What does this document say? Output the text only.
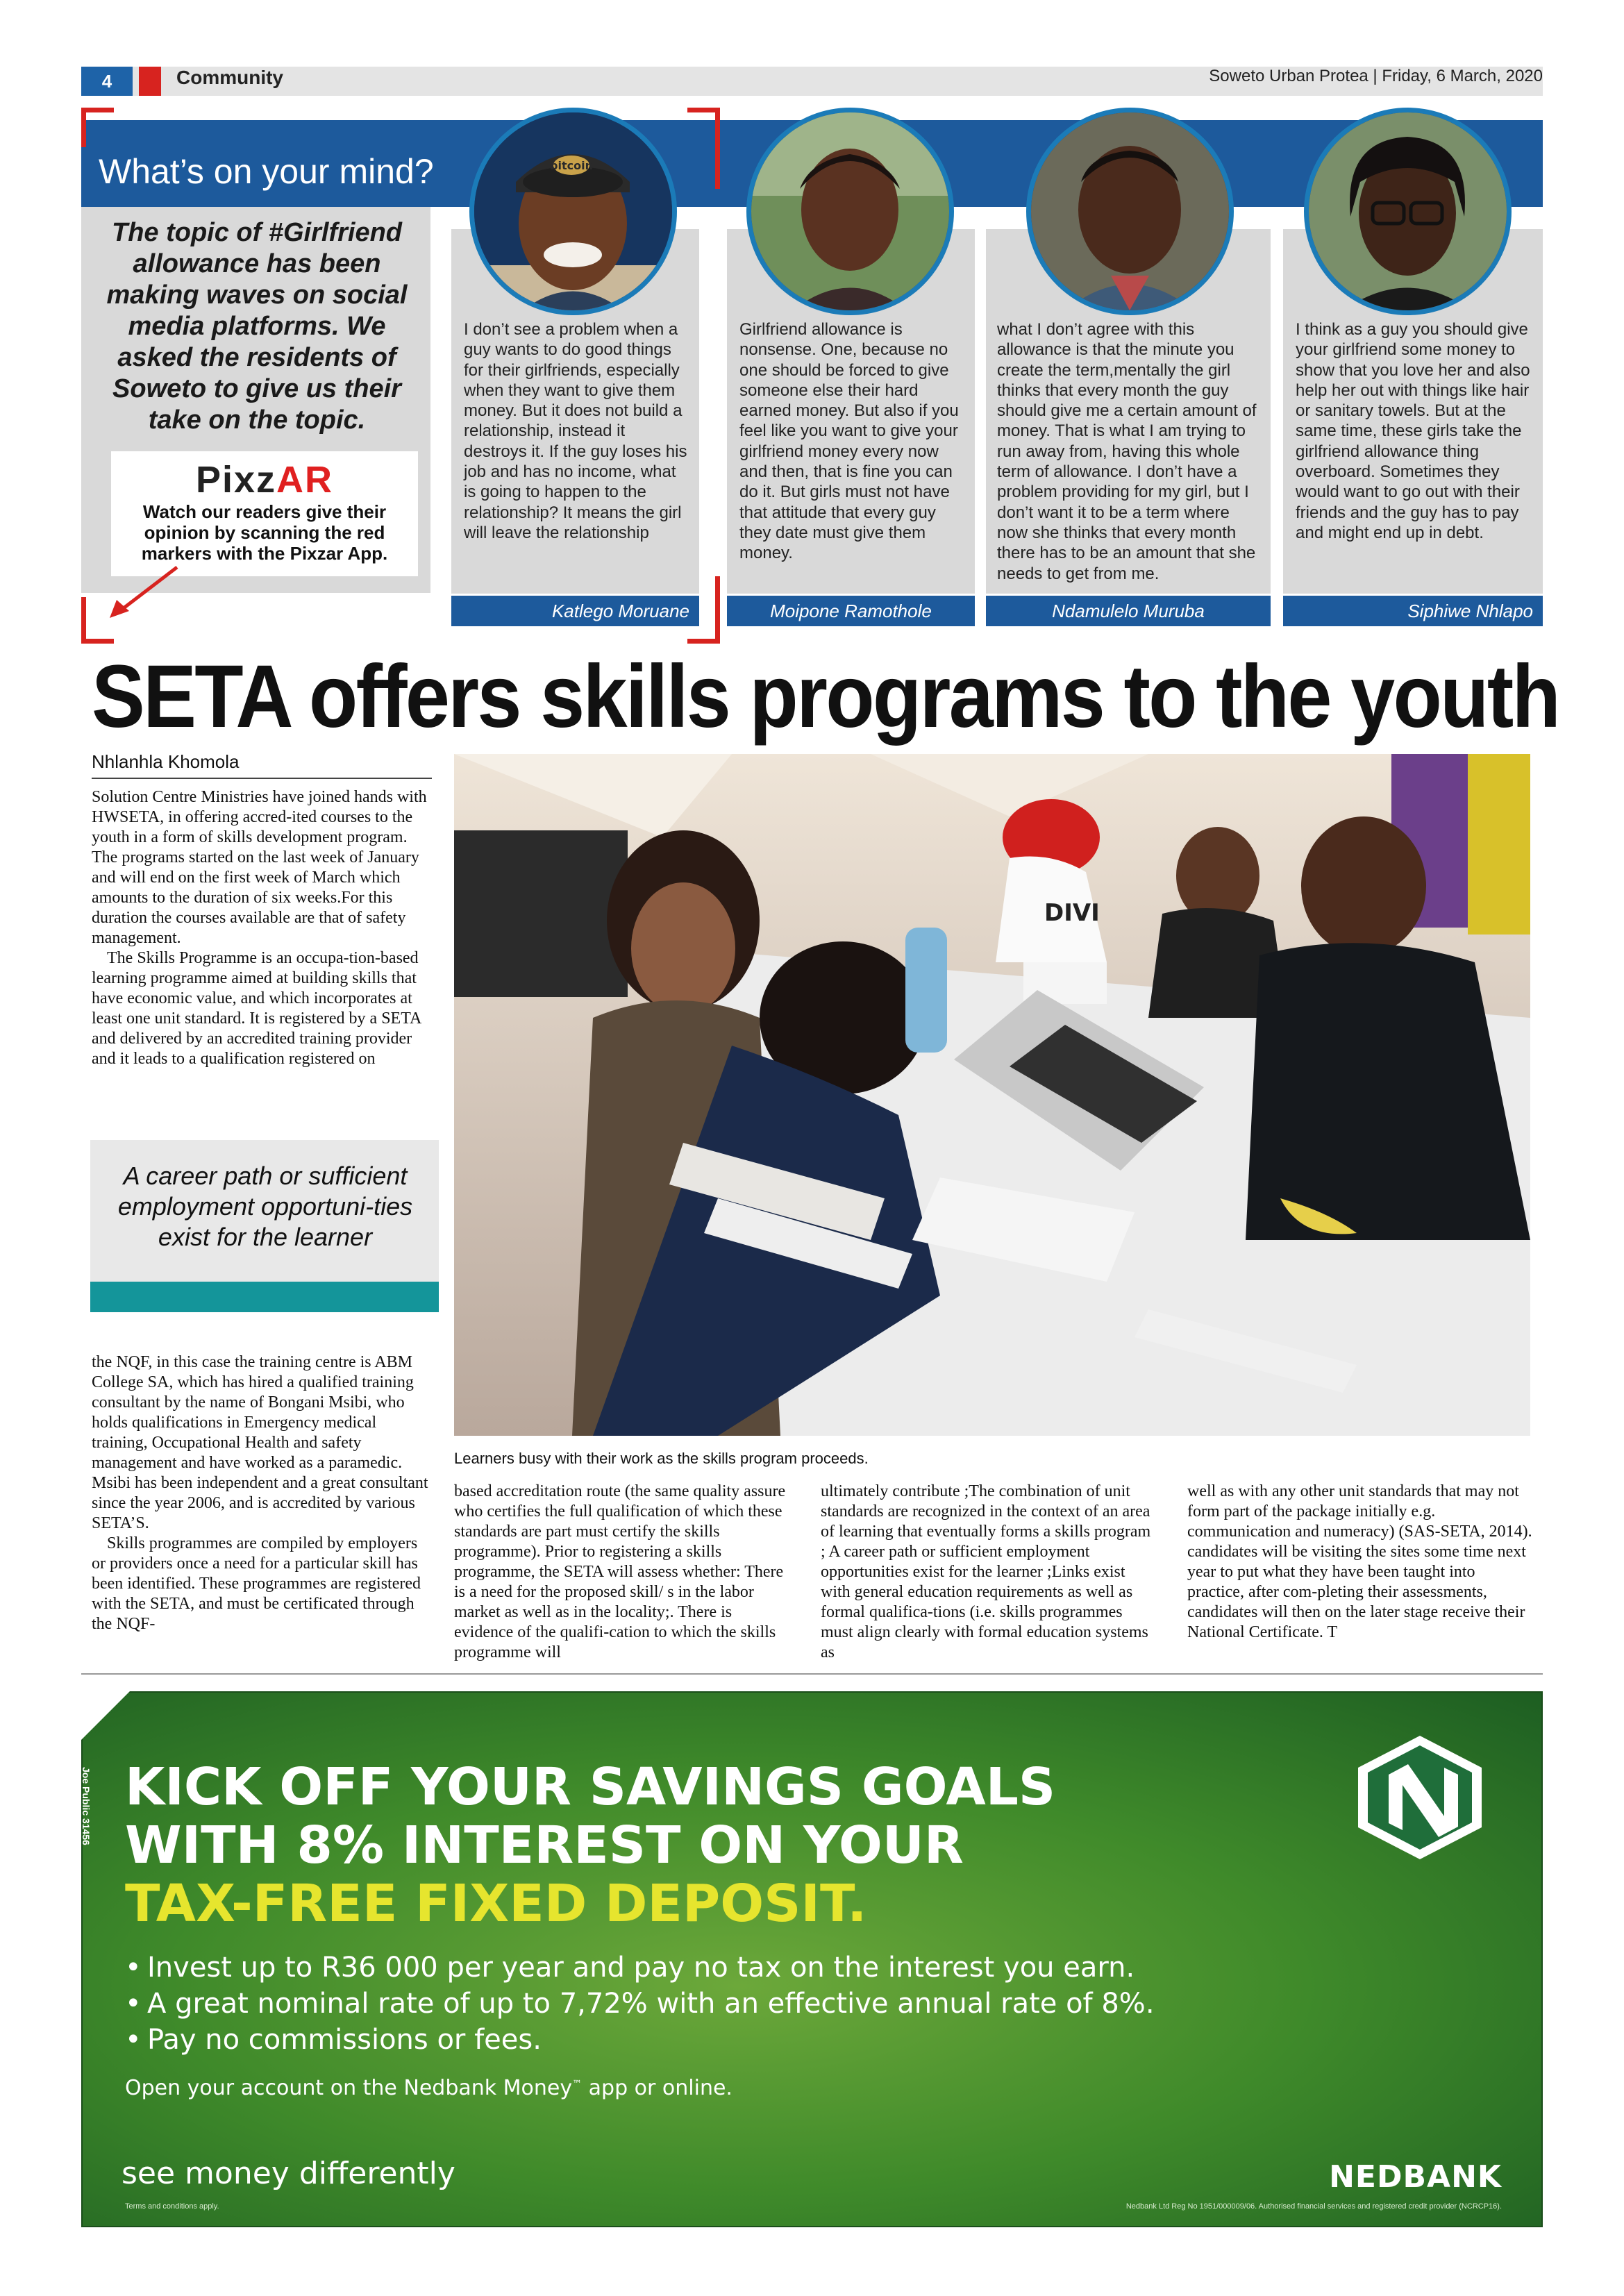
4	Community	Soweto Urban Protea | Friday, 6 March, 2020
What’s on your mind?
The topic of #Girlfriend allowance has been making waves on social media platforms. We asked the residents of Soweto to give us their take on the topic.
PixzAR
Watch our readers give their opinion by scanning the red markers with the Pixzar App.
bitcoin
I don’t see a problem when a guy wants to do good things for their girlfriends, especially when they want to give them money. But it does not build a relationship, instead it destroys it. If the guy loses his job and has no income, what is going to happen to the relationship? It means the girl will leave the relationship
Katlego Moruane
Girlfriend allowance is nonsense. One, because no one should be forced to give someone else their hard earned money. But also if you feel like you want to give your girlfriend money every now and then, that is fine you can do it. But girls must not have that attitude that every guy they date must give them money.
Moipone Ramothole
what I don’t agree with this allowance is that the minute you create the term,mentally the girl thinks that every month the guy should give me a certain amount of money. That is what I am trying to run away from, having this whole term of allowance. I don’t have a problem providing for my girl, but I don’t want it to be a term where now she thinks that every month there has to be an amount that she needs to get from me.
Ndamulelo Muruba
I think as a guy you should give your girlfriend some money to show that you love her and also help her out with things like hair or sanitary towels. But at the same time, these girls take the girlfriend allowance thing overboard. Sometimes they would want to go out with their friends and the guy has to pay and might end up in debt.
Siphiwe Nhlapo
SETA offers skills programs to the youth
Nhlanhla Khomola

Solution Centre Ministries have joined hands with HWSETA, in offering accred-ited courses to the youth in a form of skills development program. The programs started on the last week of January and will end on the first week of March which amounts to the duration of six weeks.For this duration the courses available are that of safety management.

The Skills Programme is an occupa-tion-based learning programme aimed at building skills that have economic value, and which incorporates at least one unit standard. It is registered by a SETA and delivered by an accredited training provider and it leads to a qualification registered on

A career path or sufficient employment opportuni-ties exist for the learner

the NQF, in this case the training centre is ABM College SA, which has hired a qualified training consultant by the name of Bongani Msibi, who holds qualifications in Emergency medical training, Occupational Health and safety management and have worked as a paramedic. Msibi has been independent and a great consultant since the year 2006, and is accredited by various SETA’S.

Skills programmes are compiled by employers or providers once a need for a particular skill has been identified. These programmes are registered with the SETA, and must be certificated through the NQF-

DIVI
Learners busy with their work as the skills program proceeds.
based accreditation route (the same quality assure who certifies the full qualification of which these standards are part must certify the skills programme). Prior to registering a skills programme, the SETA will assess whether: There is a need for the proposed skill/ s in the labor market as well as in the locality;. There is evidence of the qualifi-cation to which the skills programme will
ultimately contribute ;The combination of unit standards are recognized in the context of an area of learning that eventually forms a skills program ; A career path or sufficient employment opportunities exist for the learner ;Links exist with general education requirements as well as formal qualifica-tions (i.e. skills programmes must align clearly with formal education systems as
well as with any other unit standards that may not form part of the package initially e.g. communication and numeracy) (SAS-SETA, 2014). candidates will be visiting the sites some time next year to put what they have been taught into practice, after com-pleting their assessments, candidates will then on the later stage receive their National Certificate. T
Joe Public 31456 KICK OFF YOUR SAVINGS GOALS
WITH 8% INTEREST ON YOUR
TAX-FREE FIXED DEPOSIT.
• Invest up to R36 000 per year and pay no tax on the interest you earn.
• A great nominal rate of up to 7,72% with an effective annual rate of 8%.
• Pay no commissions or fees.
Open your account on the Nedbank Money™ app or online.
see money differently	NEDBANK
Terms and conditions apply.	Nedbank Ltd Reg No 1951/000009/06. Authorised financial services and registered credit provider (NCRCP16).
